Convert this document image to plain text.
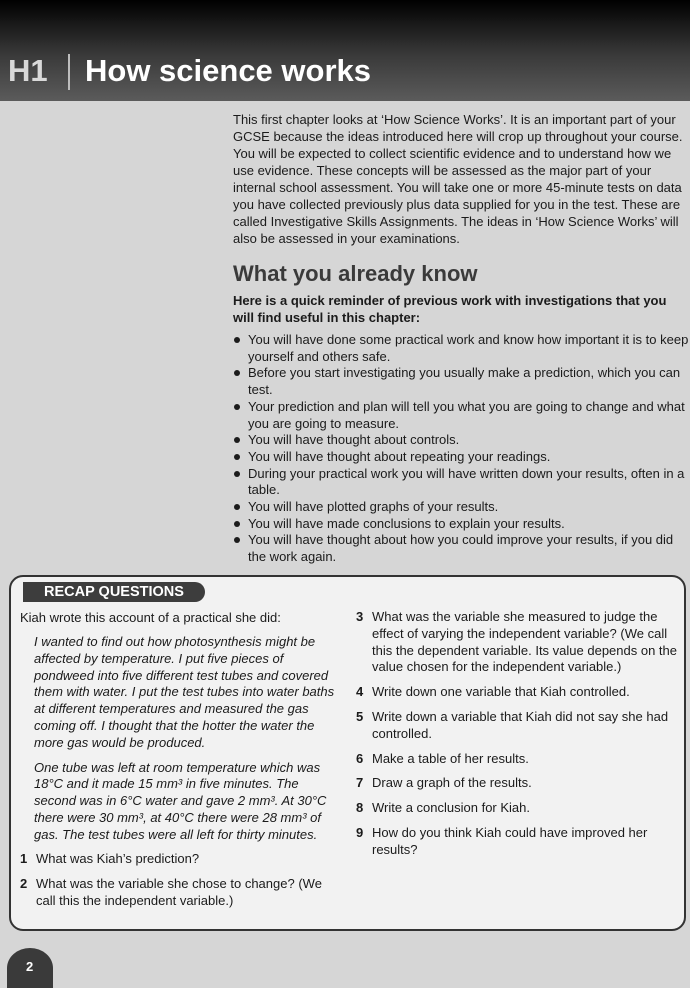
H1 How science works

This first chapter looks at ‘How Science Works’. It is an important part of your GCSE because the ideas introduced here will crop up throughout your course. You will be expected to collect scientific evidence and to understand how we use evidence. These concepts will be assessed as the major part of your internal school assessment. You will take one or more 45-minute tests on data you have collected previously plus data supplied for you in the test. These are called Investigative Skills Assignments. The ideas in ‘How Science Works’ will also be assessed in your examinations.

What you already know

Here is a quick reminder of previous work with investigations that you will find useful in this chapter:

You will have done some practical work and know how important it is to keep yourself and others safe.
Before you start investigating you usually make a prediction, which you can test.
Your prediction and plan will tell you what you are going to change and what you are going to measure.
You will have thought about controls.
You will have thought about repeating your readings.
During your practical work you will have written down your results, often in a table.
You will have plotted graphs of your results.
You will have made conclusions to explain your results.
You will have thought about how you could improve your results, if you did the work again.
RECAP QUESTIONS

Kiah wrote this account of a practical she did:

I wanted to find out how photosynthesis might be affected by temperature. I put five pieces of pondweed into five different test tubes and covered them with water. I put the test tubes into water baths at different temperatures and measured the gas coming off. I thought that the hotter the water the more gas would be produced.

One tube was left at room temperature which was 18°C and it made 15 mm³ in five minutes. The second was in 6°C water and gave 2 mm³. At 30°C there were 30 mm³, at 40°C there were 28 mm³ of gas. The test tubes were all left for thirty minutes.

1 What was Kiah’s prediction?
2 What was the variable she chose to change? (We call this the independent variable.)
3 What was the variable she measured to judge the effect of varying the independent variable? (We call this the dependent variable. Its value depends on the value chosen for the independent variable.)
4 Write down one variable that Kiah controlled.
5 Write down a variable that Kiah did not say she had controlled.
6 Make a table of her results.
7 Draw a graph of the results.
8 Write a conclusion for Kiah.
9 How do you think Kiah could have improved her results?
2
